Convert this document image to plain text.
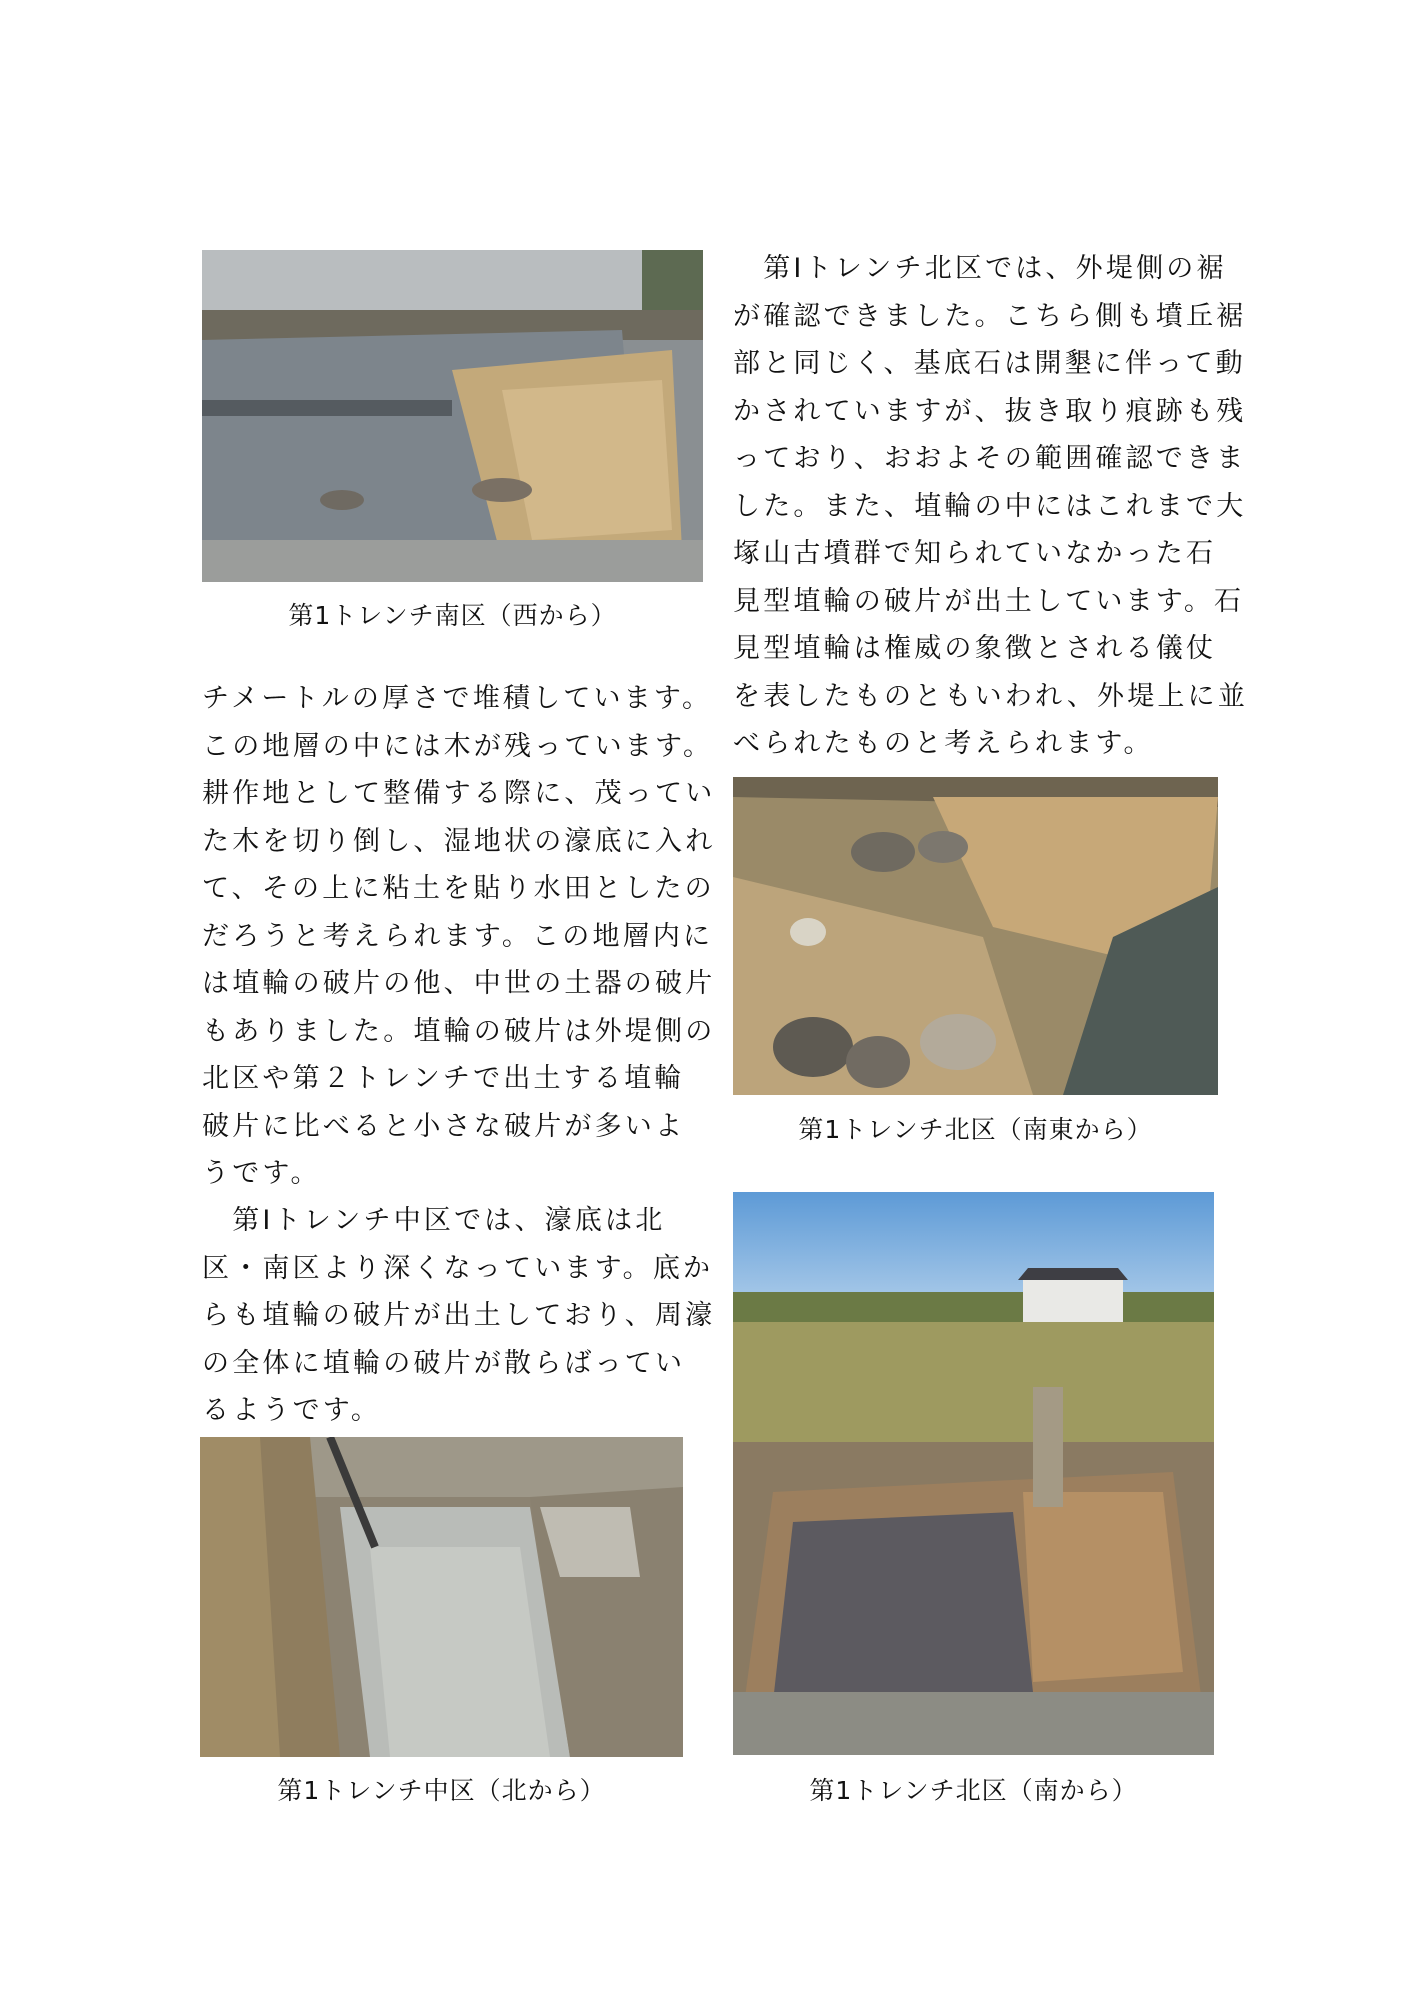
第1トレンチ南区（西から）
チメートルの厚さで堆積しています。
この地層の中には木が残っています。
耕作地として整備する際に、茂ってい
た木を切り倒し、湿地状の濠底に入れ
て、その上に粘土を貼り水田としたの
だろうと考えられます。この地層内に
は埴輪の破片の他、中世の土器の破片
もありました。埴輪の破片は外堤側の
北区や第２トレンチで出土する埴輪
破片に比べると小さな破片が多いよ
うです。
　第Ⅰトレンチ中区では、濠底は北
区・南区より深くなっています。底か
らも埴輪の破片が出土しており、周濠
の全体に埴輪の破片が散らばってい
るようです。
第1トレンチ中区（北から）
　第Ⅰトレンチ北区では、外堤側の裾
が確認できました。こちら側も墳丘裾
部と同じく、基底石は開墾に伴って動
かされていますが、抜き取り痕跡も残
っており、おおよその範囲確認できま
した。また、埴輪の中にはこれまで大
塚山古墳群で知られていなかった石
見型埴輪の破片が出土しています。石
見型埴輪は権威の象徴とされる儀仗
を表したものともいわれ、外堤上に並
べられたものと考えられます。
第1トレンチ北区（南東から）
第1トレンチ北区（南から）
